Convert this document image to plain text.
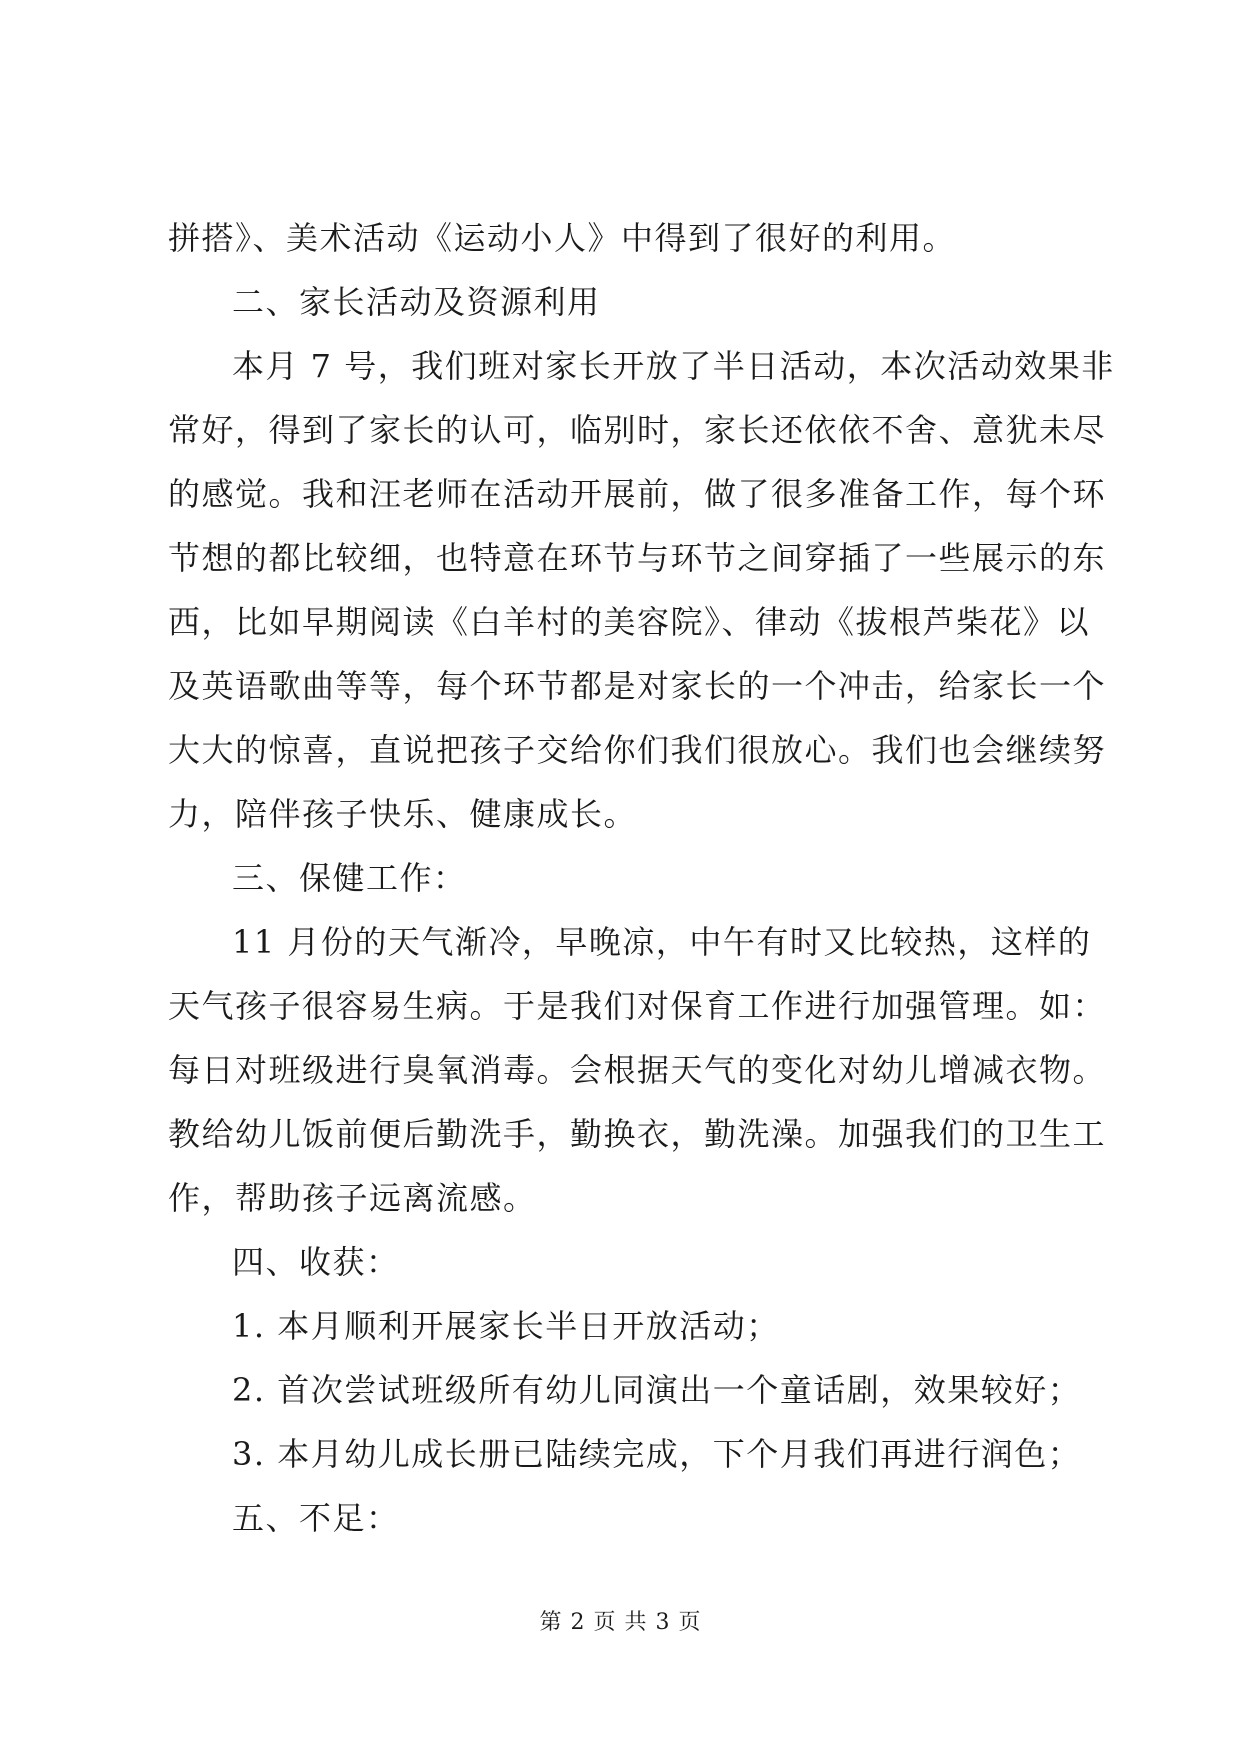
拼搭》、美术活动《运动小人》中得到了很好的利用。

二、家长活动及资源利用

本月 7 号，我们班对家长开放了半日活动，本次活动效果非

常好，得到了家长的认可，临别时，家长还依依不舍、意犹未尽

的感觉。我和汪老师在活动开展前，做了很多准备工作，每个环

节想的都比较细，也特意在环节与环节之间穿插了一些展示的东

西，比如早期阅读《白羊村的美容院》、律动《拔根芦柴花》以

及英语歌曲等等，每个环节都是对家长的一个冲击，给家长一个

大大的惊喜，直说把孩子交给你们我们很放心。我们也会继续努

力，陪伴孩子快乐、健康成长。

三、保健工作：

11 月份的天气渐冷，早晚凉，中午有时又比较热，这样的

天气孩子很容易生病。于是我们对保育工作进行加强管理。如：

每日对班级进行臭氧消毒。会根据天气的变化对幼儿增减衣物。

教给幼儿饭前便后勤洗手，勤换衣，勤洗澡。加强我们的卫生工

作，帮助孩子远离流感。

四、收获：

1. 本月顺利开展家长半日开放活动；

2. 首次尝试班级所有幼儿同演出一个童话剧，效果较好；

3. 本月幼儿成长册已陆续完成，下个月我们再进行润色；

五、不足：

第 2 页 共 3 页
